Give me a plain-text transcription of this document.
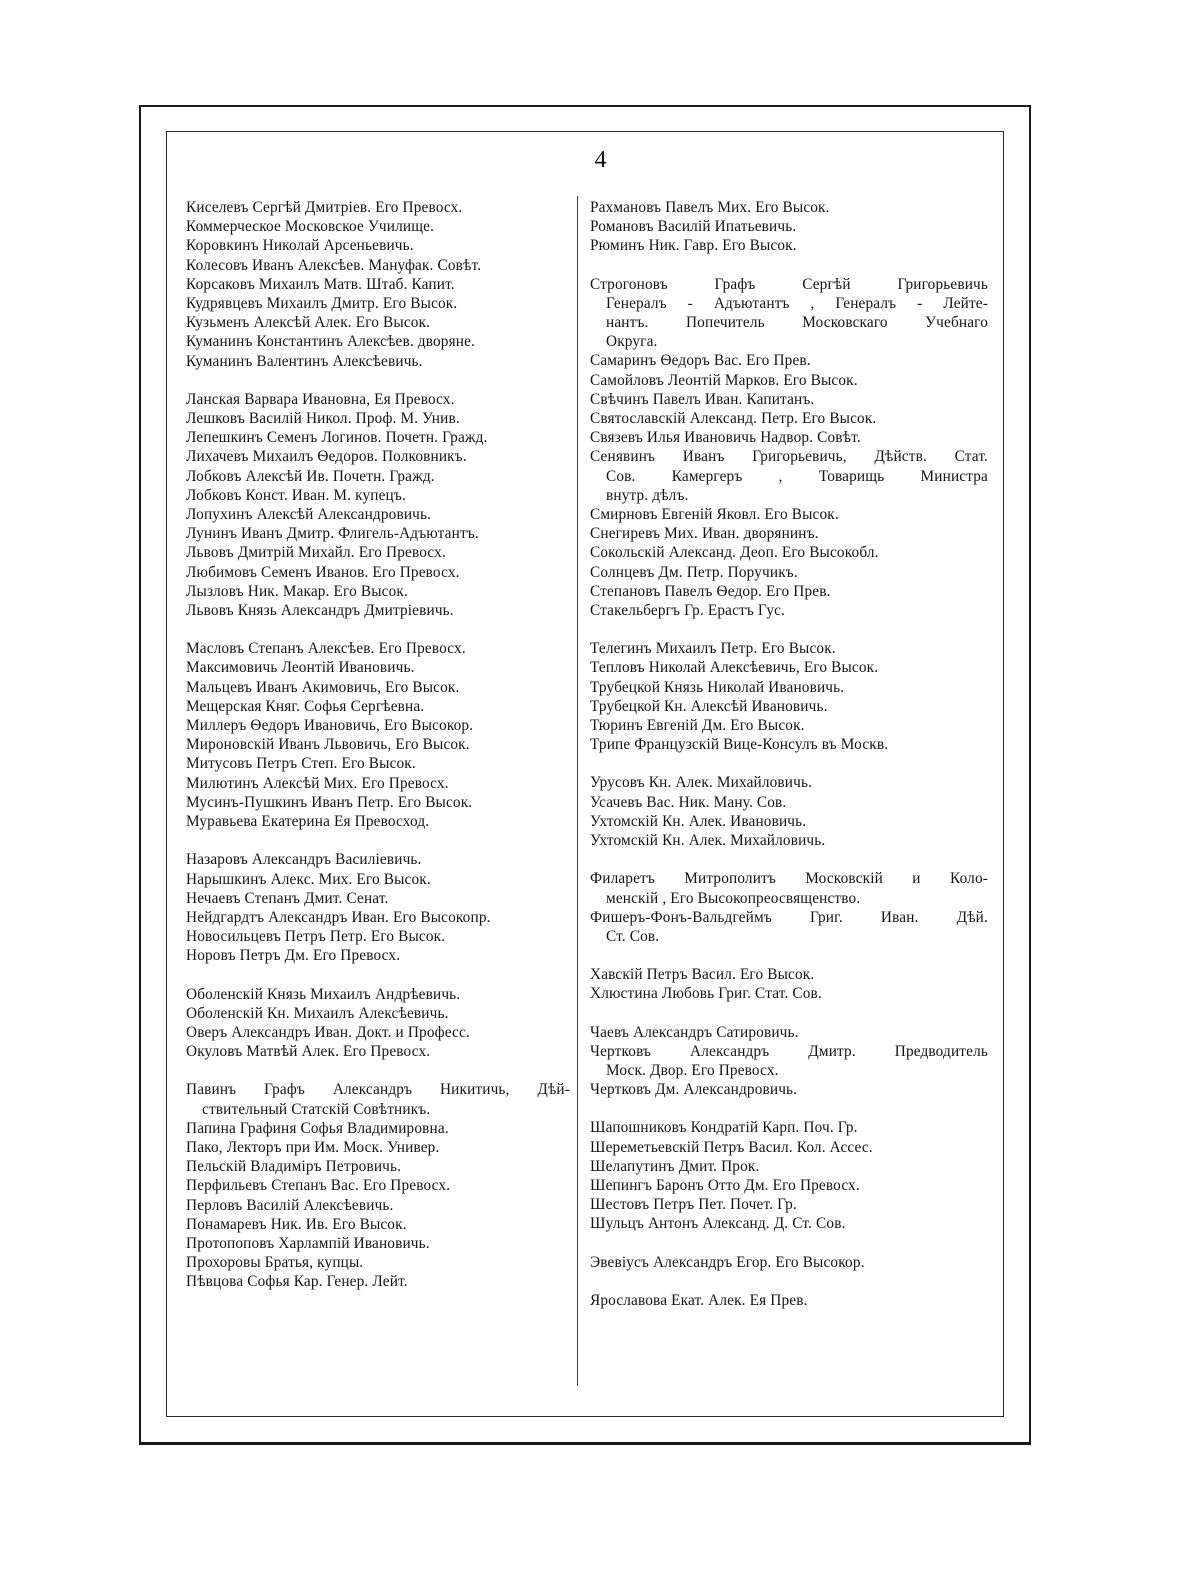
4
Киселевъ Сергѣй Дмитріев. Его Превосх.
Коммерческое Московское Училище.
Коровкинъ Николай Арсеньевичь.
Колесовъ Иванъ Алексѣев. Мануфак. Совѣт.
Корсаковъ Михаилъ Матв. Штаб. Капит.
Кудрявцевъ Михаилъ Дмитр. Его Высок.
Кузьменъ Алексѣй Алек. Его Высок.
Куманинъ Константинъ Алексѣев. дворяне.
Куманинъ Валентинъ Алексѣевичь.
Ланская Варвара Ивановна, Ея Превосх.
Лешковъ Василій Никол. Проф. М. Унив.
Лепешкинъ Семенъ Логинов. Почетн. Гражд.
Лихачевъ Михаилъ Ѳедоров. Полковникъ.
Лобковъ Алексѣй Ив. Почетн. Гражд.
Лобковъ Конст. Иван. М. купецъ.
Лопухинъ Алексѣй Александровичь.
Лунинъ Иванъ Дмитр. Флигель-Адъютантъ.
Львовъ Дмитрій Михайл. Его Превосх.
Любимовъ Семенъ Иванов. Его Превосх.
Лызловъ Ник. Макар. Его Высок.
Львовъ Князь Александръ Дмитріевичь.
Масловъ Степанъ Алексѣев. Его Превосх.
Максимовичь Леонтій Ивановичь.
Мальцевъ Иванъ Акимовичь, Его Высок.
Мещерская Княг. Софья Сергѣевна.
Миллеръ Ѳедоръ Ивановичь, Его Высокор.
Мироновскій Иванъ Львовичь, Его Высок.
Митусовъ Петръ Степ. Его Высок.
Милютинъ Алексѣй Мих. Его Превосх.
Мусинъ-Пушкинъ Иванъ Петр. Его Высок.
Муравьева Екатерина Ея Превосход.
Назаровъ Александръ Василіевичь.
Нарышкинъ Алекс. Мих. Его Высок.
Нечаевъ Степанъ Дмит. Сенат.
Нейдгардтъ Александръ Иван. Его Высокопр.
Новосильцевъ Петръ Петр. Его Высок.
Норовъ Петръ Дм. Его Превосх.
Оболенскій Князь Михаилъ Андрѣевичь.
Оболенскій Кн. Михаилъ Алексѣевичь.
Оверъ Александръ Иван. Докт. и Професс.
Окуловъ Матвѣй Алек. Его Превосх.
Павинъ Графъ Александръ Никитичь, Дѣй-
ствительный Статскій Совѣтникъ.
Папина Графиня Софья Владимировна.
Пако, Лекторъ при Им. Моск. Унивеp.
Пельскій Владиміръ Петровичь.
Перфильевъ Степанъ Вас. Его Превосх.
Перловъ Василій Алексѣевичь.
Понамаревъ Ник. Ив. Его Высок.
Протопоповъ Харлампій Ивановичь.
Прохоровы Братья, купцы.
Пѣвцова Софья Кар. Генер. Лейт.
Рахмановъ Павелъ Мих. Его Высок.
Романовъ Василій Ипатьевичь.
Рюминъ Ник. Гавр. Его Высок.
Строгоновъ Графъ Сергѣй Григорьевичь
Генералъ - Адъютантъ , Генералъ - Лейте-
нантъ. Попечитель Московскаго Учебнаго
Округа.
Самаринъ Ѳедоръ Вас. Его Прев.
Самойловъ Леонтій Марков. Его Высок.
Свѣчинъ Павелъ Иван. Капитанъ.
Святославскій Александ. Петр. Его Высок.
Связевъ Илья Ивановичь Надвор. Совѣт.
Сенявинъ Иванъ Григорьевичь, Дѣйств. Стат.
Сов. Камергеръ , Товарищь Министра
внутр. дѣлъ.
Смирновъ Евгеній Яковл. Его Высок.
Снегиревъ Мих. Иван. дворянинъ.
Сокольскій Александ. Деоп. Его Высокобл.
Солнцевъ Дм. Петр. Поручикъ.
Степановъ Павелъ Ѳедор. Его Прев.
Стакельбергъ Гр. Ерастъ Гус.
Телегинъ Михаилъ Петр. Его Высок.
Тепловъ Николай Алексѣевичь, Его Высок.
Трубецкой Князь Николай Ивановичь.
Трубецкой Кн. Алексѣй Ивановичь.
Тюринъ Евгеній Дм. Его Высок.
Трипе Французскій Вице-Консулъ въ Москв.
Урусовъ Кн. Алек. Михайловичь.
Усачевъ Вас. Ник. Ману. Сов.
Ухтомскій Кн. Алек. Ивановичь.
Ухтомскій Кн. Алек. Михайловичь.
Филаретъ Митрополитъ Московскій и Коло-
менскій , Его Высокопреосвященство.
Фишеръ-Фонъ-Вальдгеймъ Григ. Иван. Дѣй.
Ст. Сов.
Хавскій Петръ Васил. Его Высок.
Хлюстина Любовь Григ. Стат. Сов.
Чаевъ Александръ Сатировичь.
Чертковъ Александръ Дмитр. Предводитель
Моск. Двор. Его Превосх.
Чертковъ Дм. Александровичь.
Шапошниковъ Кондратій Карп. Поч. Гр.
Шереметьевскій Петръ Васил. Кол. Ассес.
Шелапутинъ Дмит. Прок.
Шепингъ Баронъ Отто Дм. Его Превосх.
Шестовъ Петръ Пет. Почет. Гр.
Шульцъ Антонъ Александ. Д. Ст. Сов.
Эвевіусъ Александръ Егор. Его Высокор.
Ярославова Екат. Алек. Ея Прев.
